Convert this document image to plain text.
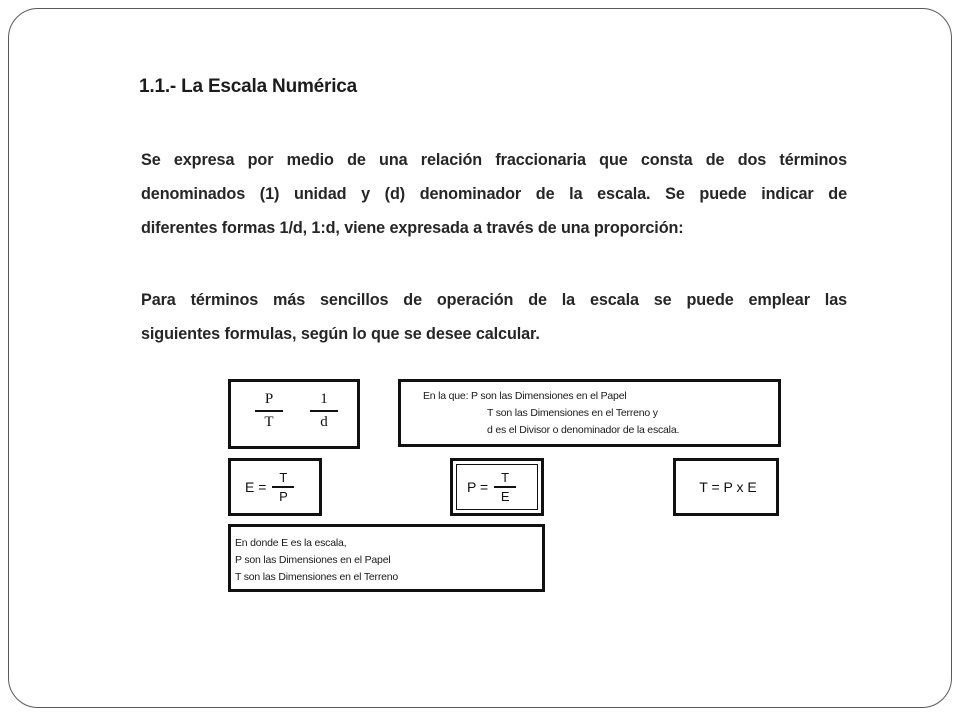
1.1.- La Escala Numérica
Se expresa por medio de una relación fraccionaria que consta de dos términos
denominados (1) unidad y (d) denominador de la escala. Se puede indicar de
diferentes formas 1/d, 1:d, viene expresada a través de una proporción:
Para términos más sencillos de operación de la escala se puede emplear las
siguientes formulas, según lo que se desee calcular.
P
T
1
d
En la que: P son las Dimensiones en el Papel
T son las Dimensiones en el Terreno y
d es el Divisor o denominador de la escala.
E =
T
P
P =
T
E
T = P x E
En donde E es la escala,
P son las Dimensiones en el Papel
T son las Dimensiones en el Terreno
